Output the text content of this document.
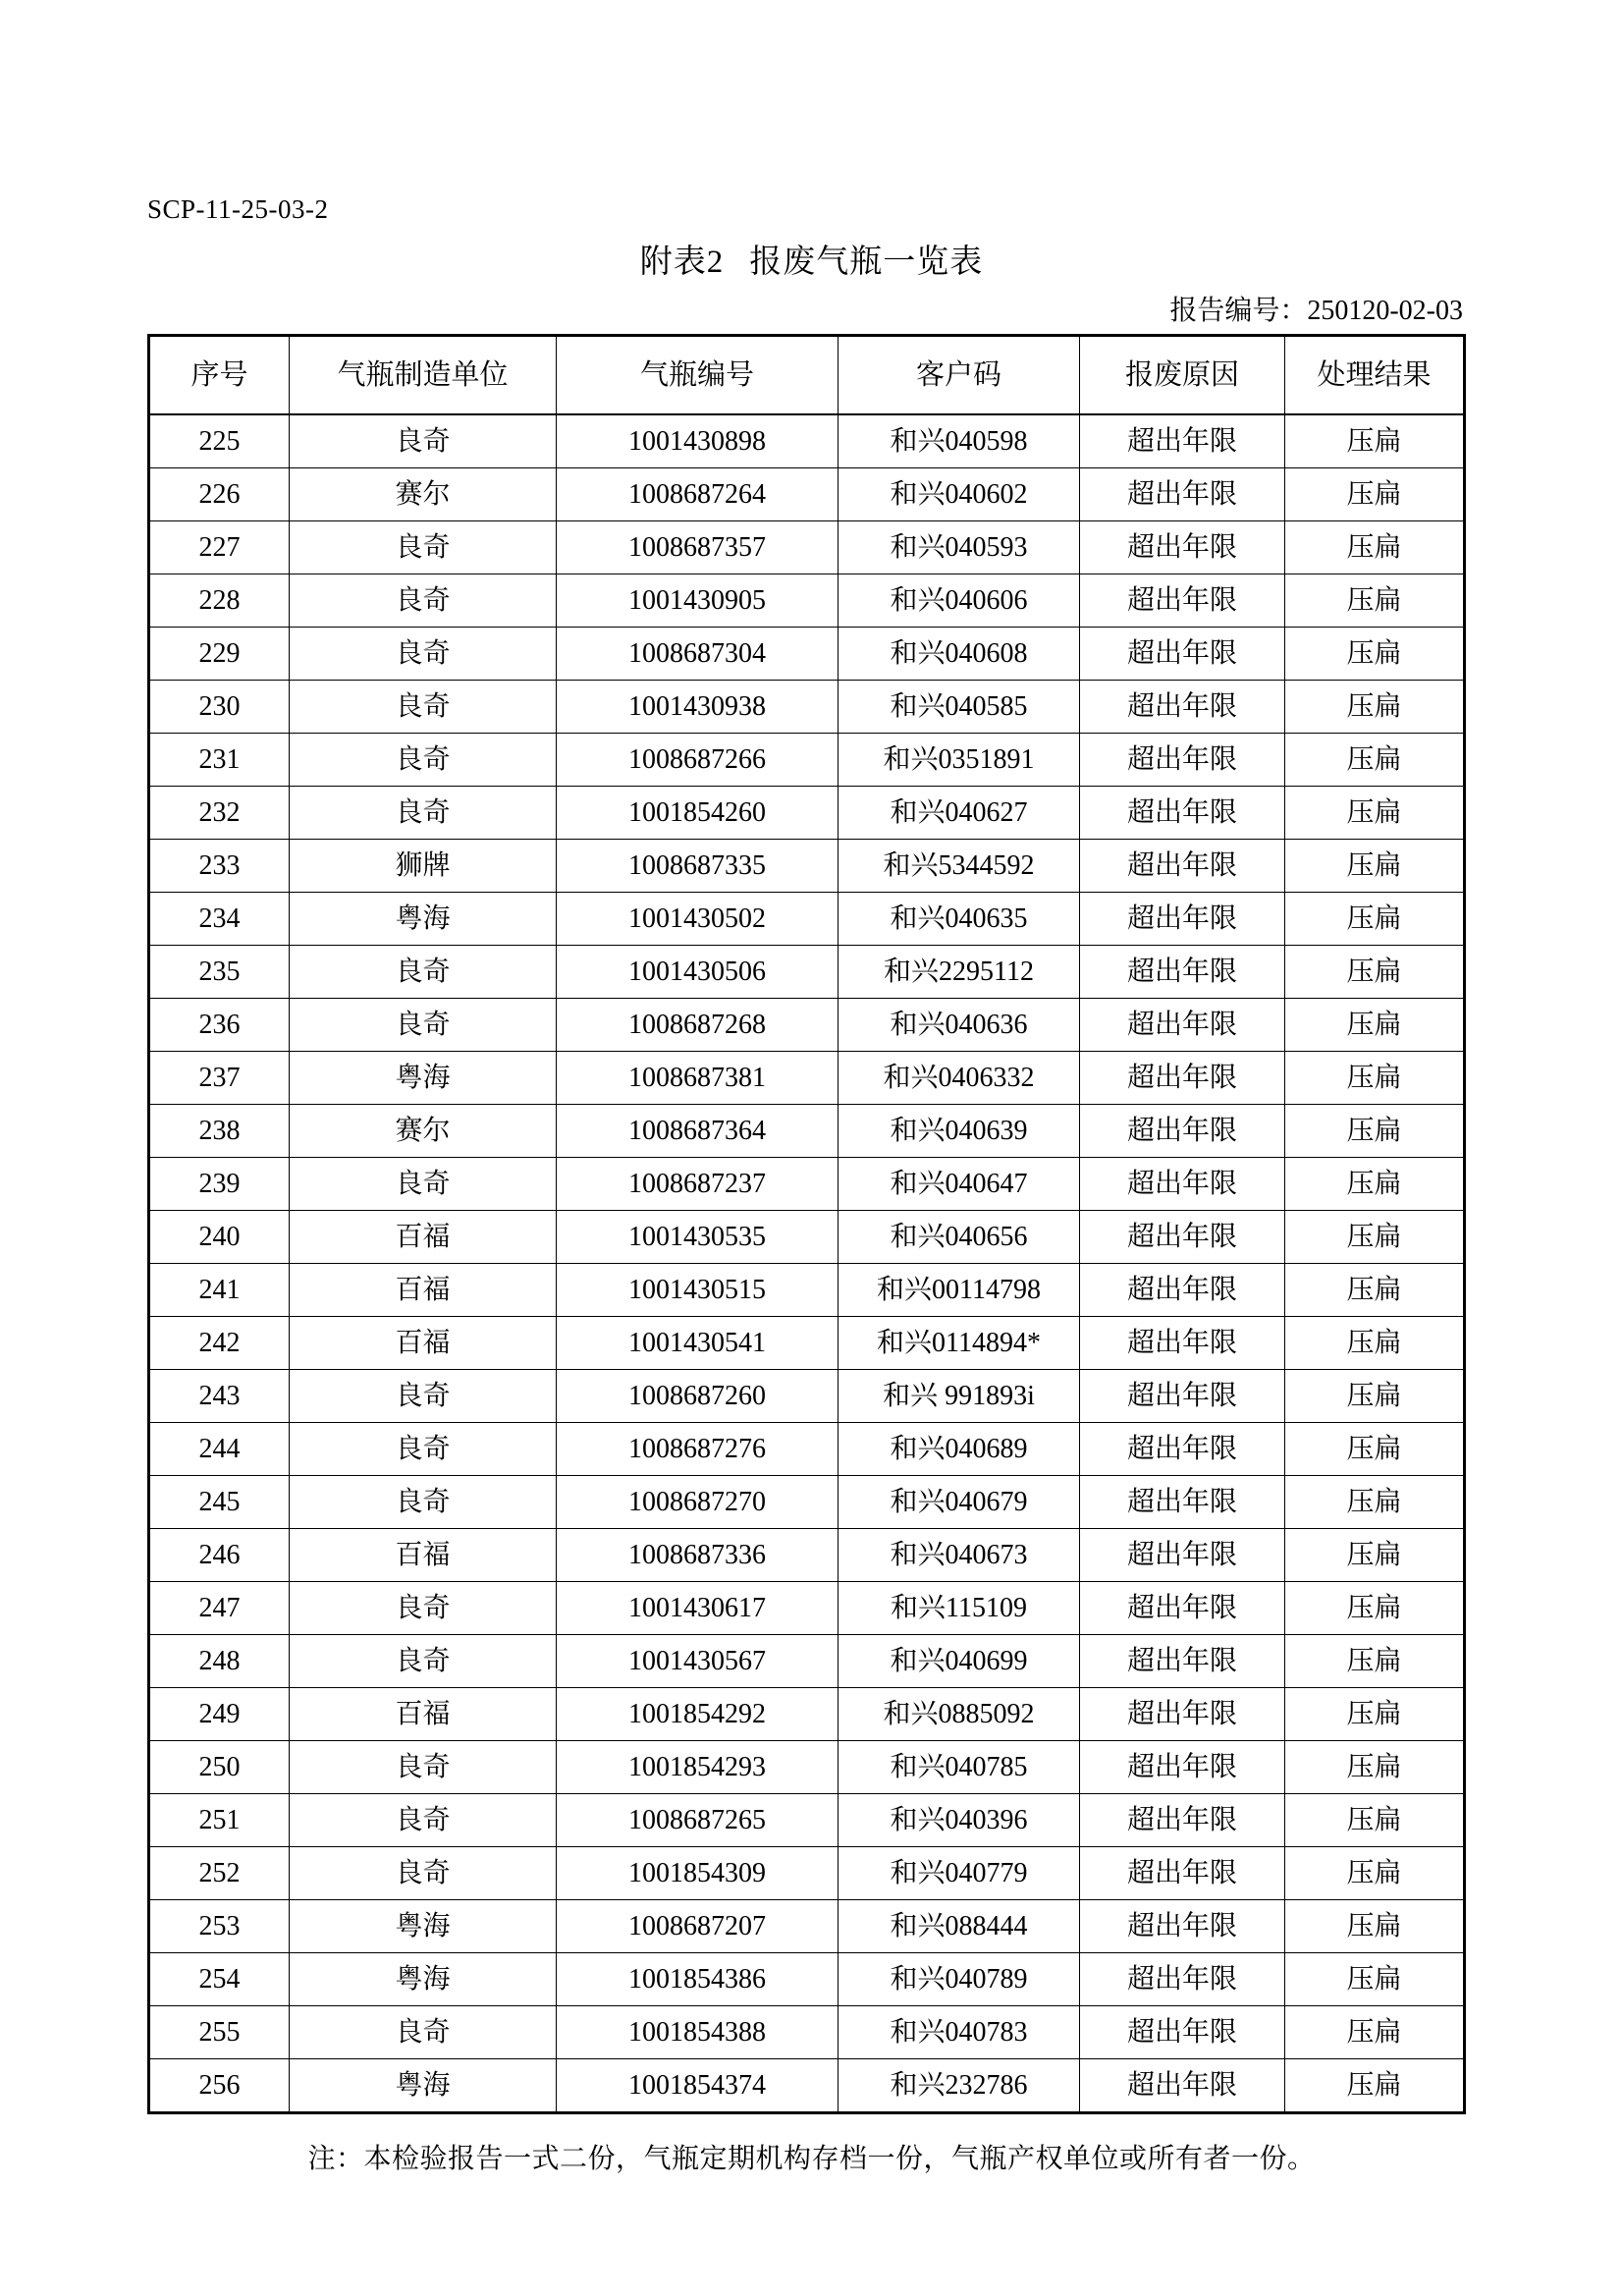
SCP-11-25-03-2
附表2 报废气瓶一览表
报告编号：250120-02-03
序号	气瓶制造单位	气瓶编号	客户码	报废原因	处理结果
225	良奇	1001430898	和兴040598	超出年限	压扁
226	赛尔	1008687264	和兴040602	超出年限	压扁
227	良奇	1008687357	和兴040593	超出年限	压扁
228	良奇	1001430905	和兴040606	超出年限	压扁
229	良奇	1008687304	和兴040608	超出年限	压扁
230	良奇	1001430938	和兴040585	超出年限	压扁
231	良奇	1008687266	和兴0351891	超出年限	压扁
232	良奇	1001854260	和兴040627	超出年限	压扁
233	狮牌	1008687335	和兴5344592	超出年限	压扁
234	粤海	1001430502	和兴040635	超出年限	压扁
235	良奇	1001430506	和兴2295112	超出年限	压扁
236	良奇	1008687268	和兴040636	超出年限	压扁
237	粤海	1008687381	和兴0406332	超出年限	压扁
238	赛尔	1008687364	和兴040639	超出年限	压扁
239	良奇	1008687237	和兴040647	超出年限	压扁
240	百福	1001430535	和兴040656	超出年限	压扁
241	百福	1001430515	和兴00114798	超出年限	压扁
242	百福	1001430541	和兴0114894*	超出年限	压扁
243	良奇	1008687260	和兴 991893i	超出年限	压扁
244	良奇	1008687276	和兴040689	超出年限	压扁
245	良奇	1008687270	和兴040679	超出年限	压扁
246	百福	1008687336	和兴040673	超出年限	压扁
247	良奇	1001430617	和兴115109	超出年限	压扁
248	良奇	1001430567	和兴040699	超出年限	压扁
249	百福	1001854292	和兴0885092	超出年限	压扁
250	良奇	1001854293	和兴040785	超出年限	压扁
251	良奇	1008687265	和兴040396	超出年限	压扁
252	良奇	1001854309	和兴040779	超出年限	压扁
253	粤海	1008687207	和兴088444	超出年限	压扁
254	粤海	1001854386	和兴040789	超出年限	压扁
255	良奇	1001854388	和兴040783	超出年限	压扁
256	粤海	1001854374	和兴232786	超出年限	压扁
注：本检验报告一式二份，气瓶定期机构存档一份，气瓶产权单位或所有者一份。
